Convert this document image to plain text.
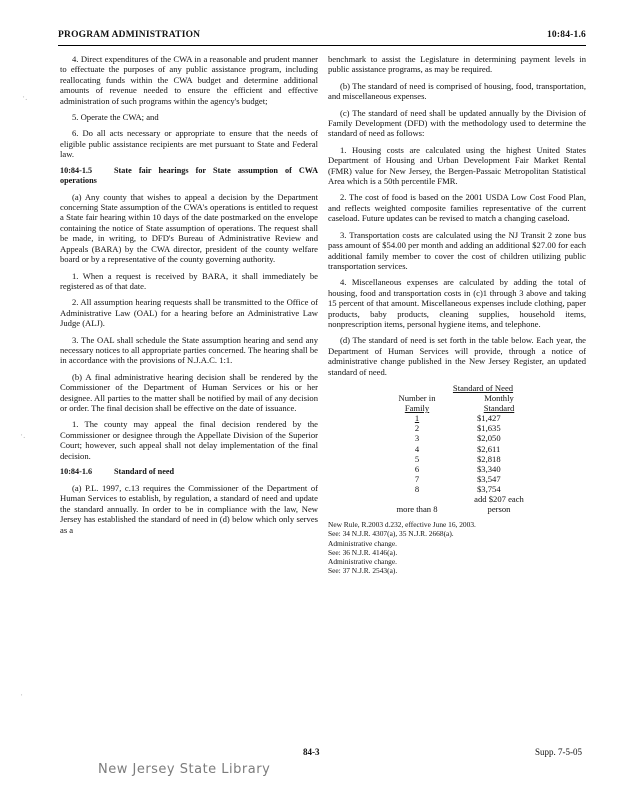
PROGRAM ADMINISTRATION	10:84-1.6
⋅.
⋅.
⋅

4. Direct expenditures of the CWA in a reasonable and prudent manner to effectuate the purposes of any public assistance program, including reallocating funds within the CWA budget and determine additional amounts of revenue needed to ensure the efficient and effective administration of such programs within the agency's budget;

5. Operate the CWA; and

6. Do all acts necessary or appropriate to ensure that the needs of eligible public assistance recipients are met pursuant to State and Federal law.

10:84-1.5	State fair hearings for State assumption of CWA operations

(a) Any county that wishes to appeal a decision by the Department concerning State assumption of the CWA's operations is entitled to request a State fair hearing within 10 days of the date postmarked on the envelope containing the notice of State assumption of operations. The request shall be made, in writing, to DFD's Bureau of Administrative Review and Appeals (BARA) by the CWA director, president of the county welfare board or by a representative of the county governing authority.

1. When a request is received by BARA, it shall immediately be registered as of that date.

2. All assumption hearing requests shall be transmitted to the Office of Administrative Law (OAL) for a hearing before an Administrative Law Judge (ALJ).

3. The OAL shall schedule the State assumption hearing and send any necessary notices to all appropriate parties concerned. The hearing shall be in accordance with the provisions of N.J.A.C. 1:1.

(b) A final administrative hearing decision shall be rendered by the Commissioner of the Department of Human Services or his or her designee. All parties to the matter shall be notified by mail of any decision or order. The final decision shall be effective on the date of issuance.

1. The county may appeal the final decision rendered by the Commissioner or designee through the Appellate Division of the Superior Court; however, such appeal shall not delay implementation of the final decision.

10:84-1.6	Standard of need

(a) P.L. 1997, c.13 requires the Commissioner of the Department of Human Services to establish, by regulation, a standard of need and update the standard annually. In order to be in compliance with the law, New Jersey has established the standard of need in (d) below which only serves as a

benchmark to assist the Legislature in determining payment levels in public assistance programs, as may be required.

(b) The standard of need is comprised of housing, food, transportation, and miscellaneous expenses.

(c) The standard of need shall be updated annually by the Division of Family Development (DFD) with the methodology used to determine the standard of need as follows:

1. Housing costs are calculated using the highest United States Department of Housing and Urban Development Fair Market Rental (FMR) value for New Jersey, the Bergen-Passaic Metropolitan Statistical Area which is a 50th percentile FMR.

2. The cost of food is based on the 2001 USDA Low Cost Food Plan, and reflects weighted composite families representative of the current caseload. Future updates can be revised to match a changing caseload.

3. Transportation costs are calculated using the NJ Transit 2 zone bus pass amount of $54.00 per month and adding an additional $27.00 for each additional family member to cover the cost of children utilizing public transportation services.

4. Miscellaneous expenses are calculated by adding the total of housing, food and transportation costs in (c)1 through 3 above and taking 15 percent of that amount. Miscellaneous expenses include clothing, paper products, baby products, cleaning supplies, household items, nonprescription items, personal hygiene items, and telephone.

(d) The standard of need is set forth in the table below. Each year, the Department of Human Services will provide, through a notice of administrative change published in the New Jersey Register, an updated standard of need.

Standard of Need
Number in	Monthly
Family	Standard
1	$1,427
2	$1,635
3	$2,050
4	$2,611
5	$2,818
6	$3,340
7	$3,547
8	$3,754
	add $207 each
more than 8	person
New Rule, R.2003 d.232, effective June 16, 2003.
See: 34 N.J.R. 4307(a), 35 N.J.R. 2668(a).
Administrative change.
See: 36 N.J.R. 4146(a).
Administrative change.
See: 37 N.J.R. 2543(a).
84-3	Supp. 7-5-05
New Jersey State Library
